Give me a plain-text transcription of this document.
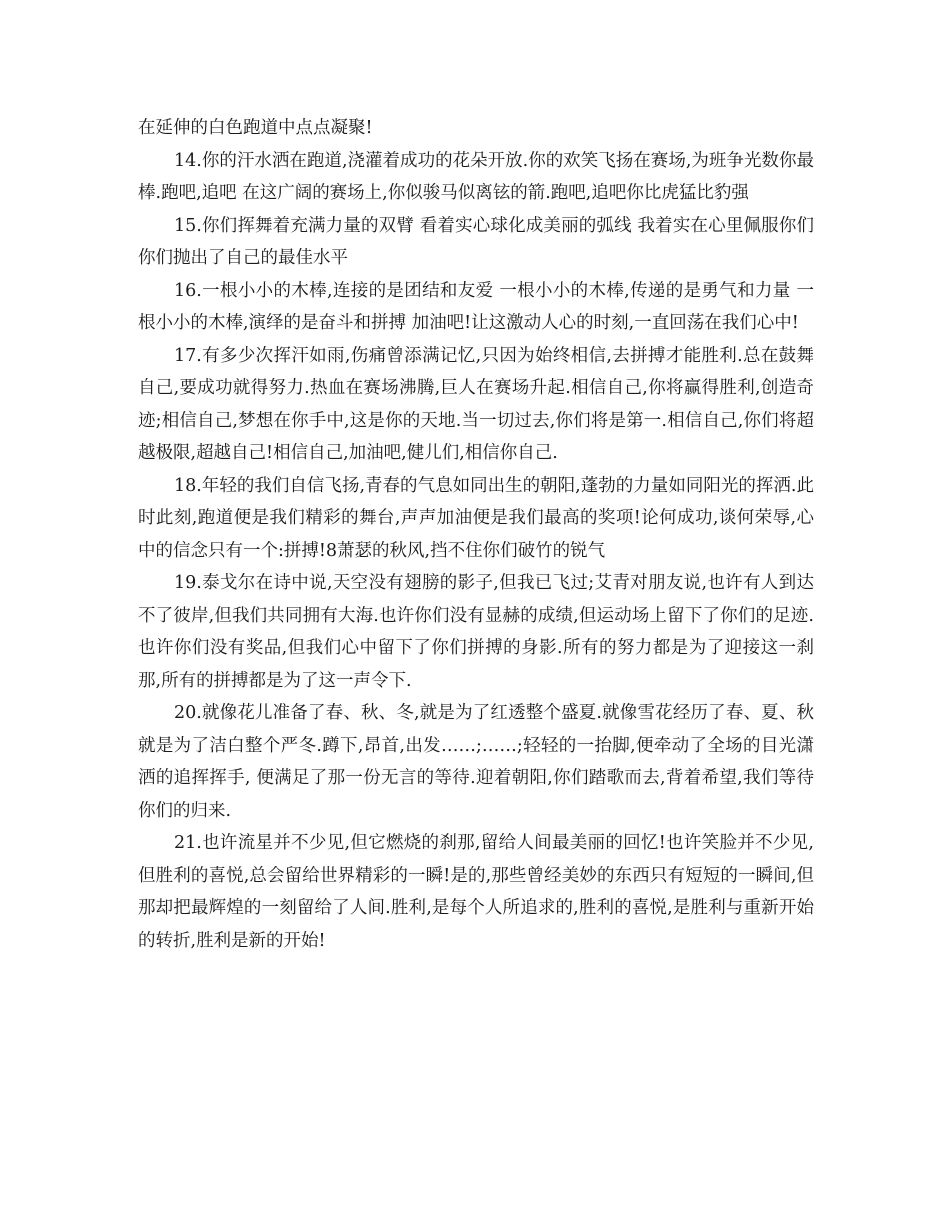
在延伸的白色跑道中点点凝聚!

14.你的汗水洒在跑道,浇灌着成功的花朵开放.你的欢笑飞扬在赛场,为班争光数你最棒.跑吧,追吧 在这广阔的赛场上,你似骏马似离铉的箭.跑吧,追吧你比虎猛比豹强

15.你们挥舞着充满力量的双臂 看着实心球化成美丽的弧线 我着实在心里佩服你们你们抛出了自己的最佳水平

16.一根小小的木棒,连接的是团结和友爱 一根小小的木棒,传递的是勇气和力量 一根小小的木棒,演绎的是奋斗和拼搏 加油吧!让这激动人心的时刻,一直回荡在我们心中!

17.有多少次挥汗如雨,伤痛曾添满记忆,只因为始终相信,去拼搏才能胜利.总在鼓舞自己,要成功就得努力.热血在赛场沸腾,巨人在赛场升起.相信自己,你将赢得胜利,创造奇迹;相信自己,梦想在你手中,这是你的天地.当一切过去,你们将是第一.相信自己,你们将超越极限,超越自己!相信自己,加油吧,健儿们,相信你自己.

18.年轻的我们自信飞扬,青春的气息如同出生的朝阳,蓬勃的力量如同阳光的挥洒.此时此刻,跑道便是我们精彩的舞台,声声加油便是我们最高的奖项!论何成功,谈何荣辱,心中的信念只有一个:拼搏!8萧瑟的秋风,挡不住你们破竹的锐气

19.泰戈尔在诗中说,天空没有翅膀的影子,但我已飞过;艾青对朋友说,也许有人到达不了彼岸,但我们共同拥有大海.也许你们没有显赫的成绩,但运动场上留下了你们的足迹.也许你们没有奖品,但我们心中留下了你们拼搏的身影.所有的努力都是为了迎接这一刹那,所有的拼搏都是为了这一声令下.

20.就像花儿准备了春、秋、冬,就是为了红透整个盛夏.就像雪花经历了春、夏、秋就是为了洁白整个严冬.蹲下,昂首,出发……;……;轻轻的一抬脚,便牵动了全场的目光潇洒的追挥挥手, 便满足了那一份无言的等待.迎着朝阳,你们踏歌而去,背着希望,我们等待你们的归来.

21.也许流星并不少见,但它燃烧的刹那,留给人间最美丽的回忆!也许笑脸并不少见,但胜利的喜悦,总会留给世界精彩的一瞬!是的,那些曾经美妙的东西只有短短的一瞬间,但那却把最辉煌的一刻留给了人间.胜利,是每个人所追求的,胜利的喜悦,是胜利与重新开始的转折,胜利是新的开始!
